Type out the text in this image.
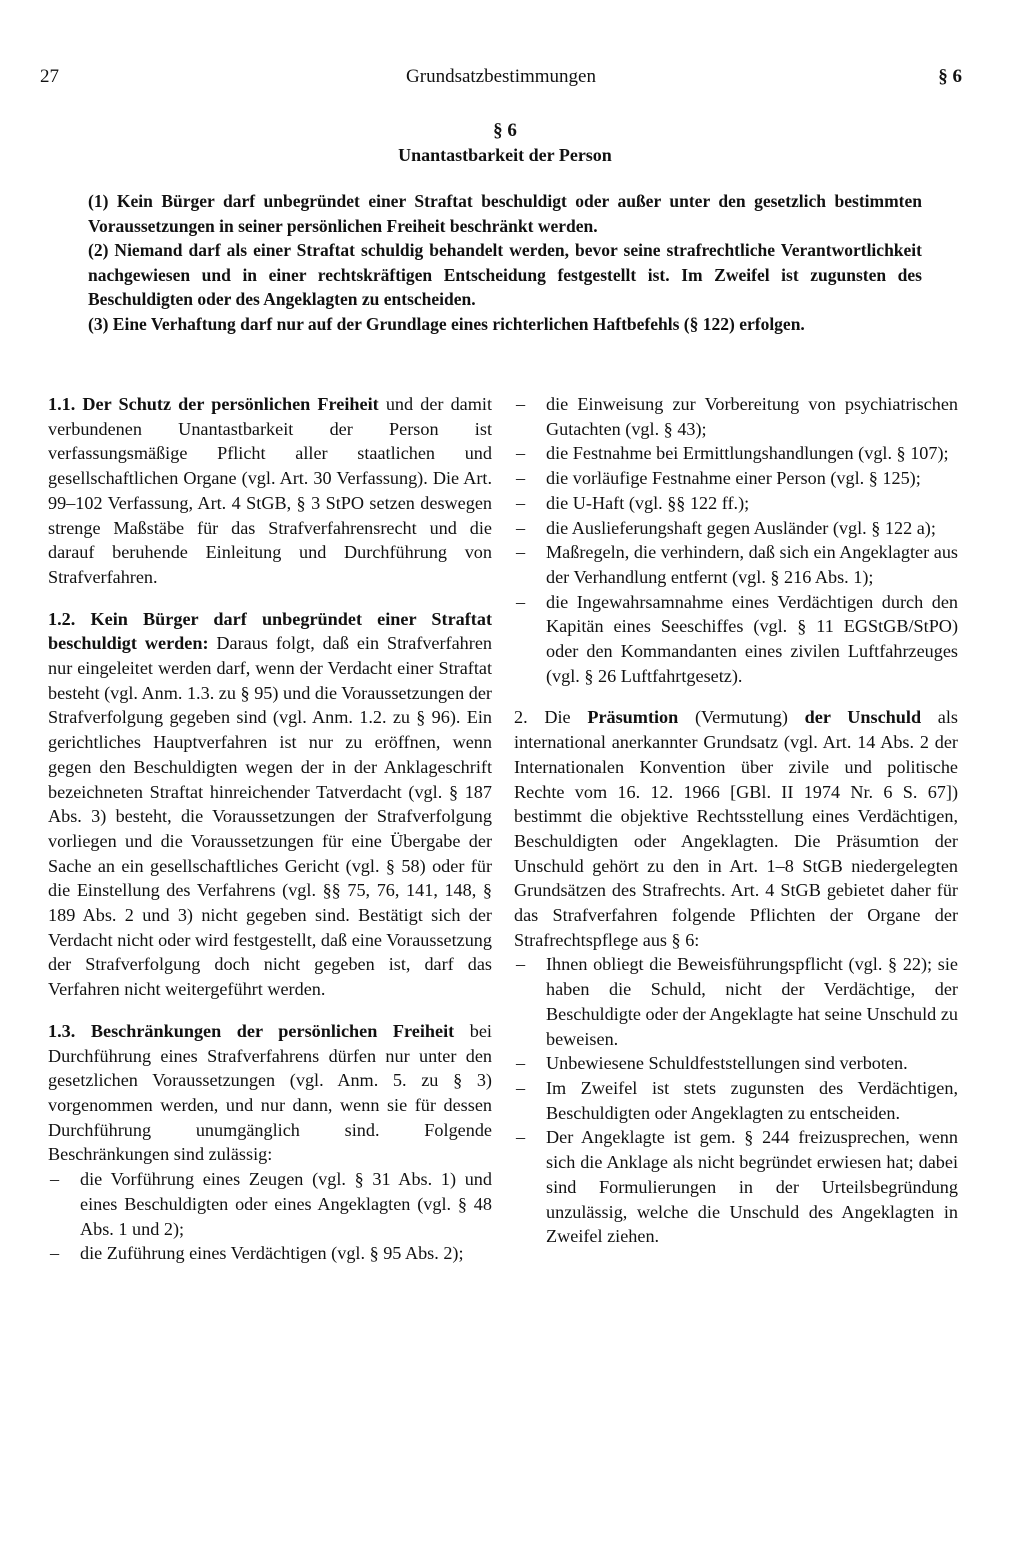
27	Grundsatzbestimmungen	§ 6
§ 6
Unantastbarkeit der Person

(1) Kein Bürger darf unbegründet einer Straftat beschuldigt oder außer unter den gesetzlich bestimmten Voraussetzungen in seiner persönlichen Freiheit beschränkt werden.

(2) Niemand darf als einer Straftat schuldig behandelt werden, bevor seine strafrechtliche Verantwortlichkeit nachgewiesen und in einer rechtskräftigen Entscheidung festgestellt ist. Im Zweifel ist zugunsten des Beschuldigten oder des Angeklagten zu entscheiden.

(3) Eine Verhaftung darf nur auf der Grundlage eines richterlichen Haftbefehls (§ 122) erfolgen.

1.1. Der Schutz der persönlichen Freiheit und der damit verbundenen Unantastbarkeit der Person ist verfassungsmäßige Pflicht aller staatlichen und gesellschaftlichen Organe (vgl. Art. 30 Verfassung). Die Art. 99–102 Verfassung, Art. 4 StGB, § 3 StPO setzen deswegen strenge Maßstäbe für das Strafverfahrensrecht und die darauf beruhende Einleitung und Durchführung von Strafverfahren.

1.2. Kein Bürger darf unbegründet einer Straftat beschuldigt werden: Daraus folgt, daß ein Strafverfahren nur eingeleitet werden darf, wenn der Verdacht einer Straftat besteht (vgl. Anm. 1.3. zu § 95) und die Voraussetzungen der Strafverfolgung gegeben sind (vgl. Anm. 1.2. zu § 96). Ein gerichtliches Hauptverfahren ist nur zu eröffnen, wenn gegen den Beschuldigten wegen der in der Anklageschrift bezeichneten Straftat hinreichender Tatverdacht (vgl. § 187 Abs. 3) besteht, die Voraussetzungen der Strafverfolgung vorliegen und die Voraussetzungen für eine Übergabe der Sache an ein gesellschaftliches Gericht (vgl. § 58) oder für die Einstellung des Verfahrens (vgl. §§ 75, 76, 141, 148, § 189 Abs. 2 und 3) nicht gegeben sind. Bestätigt sich der Verdacht nicht oder wird festgestellt, daß eine Voraussetzung der Strafverfolgung doch nicht gegeben ist, darf das Verfahren nicht weitergeführt werden.

1.3. Beschränkungen der persönlichen Freiheit bei Durchführung eines Strafverfahrens dürfen nur unter den gesetzlichen Voraussetzungen (vgl. Anm. 5. zu § 3) vorgenommen werden, und nur dann, wenn sie für dessen Durchführung unumgänglich sind. Folgende Beschränkungen sind zulässig:

– die Vorführung eines Zeugen (vgl. § 31 Abs. 1) und eines Beschuldigten oder eines Angeklagten (vgl. § 48 Abs. 1 und 2);
– die Zuführung eines Verdächtigen (vgl. § 95 Abs. 2);
– die Einweisung zur Vorbereitung von psychiatrischen Gutachten (vgl. § 43);
– die Festnahme bei Ermittlungshandlungen (vgl. § 107);
– die vorläufige Festnahme einer Person (vgl. § 125);
– die U-Haft (vgl. §§ 122 ff.);
– die Auslieferungshaft gegen Ausländer (vgl. § 122 a);
– Maßregeln, die verhindern, daß sich ein Angeklagter aus der Verhandlung entfernt (vgl. § 216 Abs. 1);
– die Ingewahrsamnahme eines Verdächtigen durch den Kapitän eines Seeschiffes (vgl. § 11 EGStGB/StPO) oder den Kommandanten eines zivilen Luftfahrzeuges (vgl. § 26 Luftfahrtgesetz).

2. Die Präsumtion (Vermutung) der Unschuld als international anerkannter Grundsatz (vgl. Art. 14 Abs. 2 der Internationalen Konvention über zivile und politische Rechte vom 16. 12. 1966 [GBl. II 1974 Nr. 6 S. 67]) bestimmt die objektive Rechtsstellung eines Verdächtigen, Beschuldigten oder Angeklagten. Die Präsumtion der Unschuld gehört zu den in Art. 1–8 StGB niedergelegten Grundsätzen des Strafrechts. Art. 4 StGB gebietet daher für das Strafverfahren folgende Pflichten der Organe der Strafrechtspflege aus § 6:

– Ihnen obliegt die Beweisführungspflicht (vgl. § 22); sie haben die Schuld, nicht der Verdächtige, der Beschuldigte oder der Angeklagte hat seine Unschuld zu beweisen.
– Unbewiesene Schuldfeststellungen sind verboten.
– Im Zweifel ist stets zugunsten des Verdächtigen, Beschuldigten oder Angeklagten zu entscheiden.
– Der Angeklagte ist gem. § 244 freizusprechen, wenn sich die Anklage als nicht begründet erwiesen hat; dabei sind Formulierungen in der Urteilsbegründung unzulässig, welche die Unschuld des Angeklagten in Zweifel ziehen.
